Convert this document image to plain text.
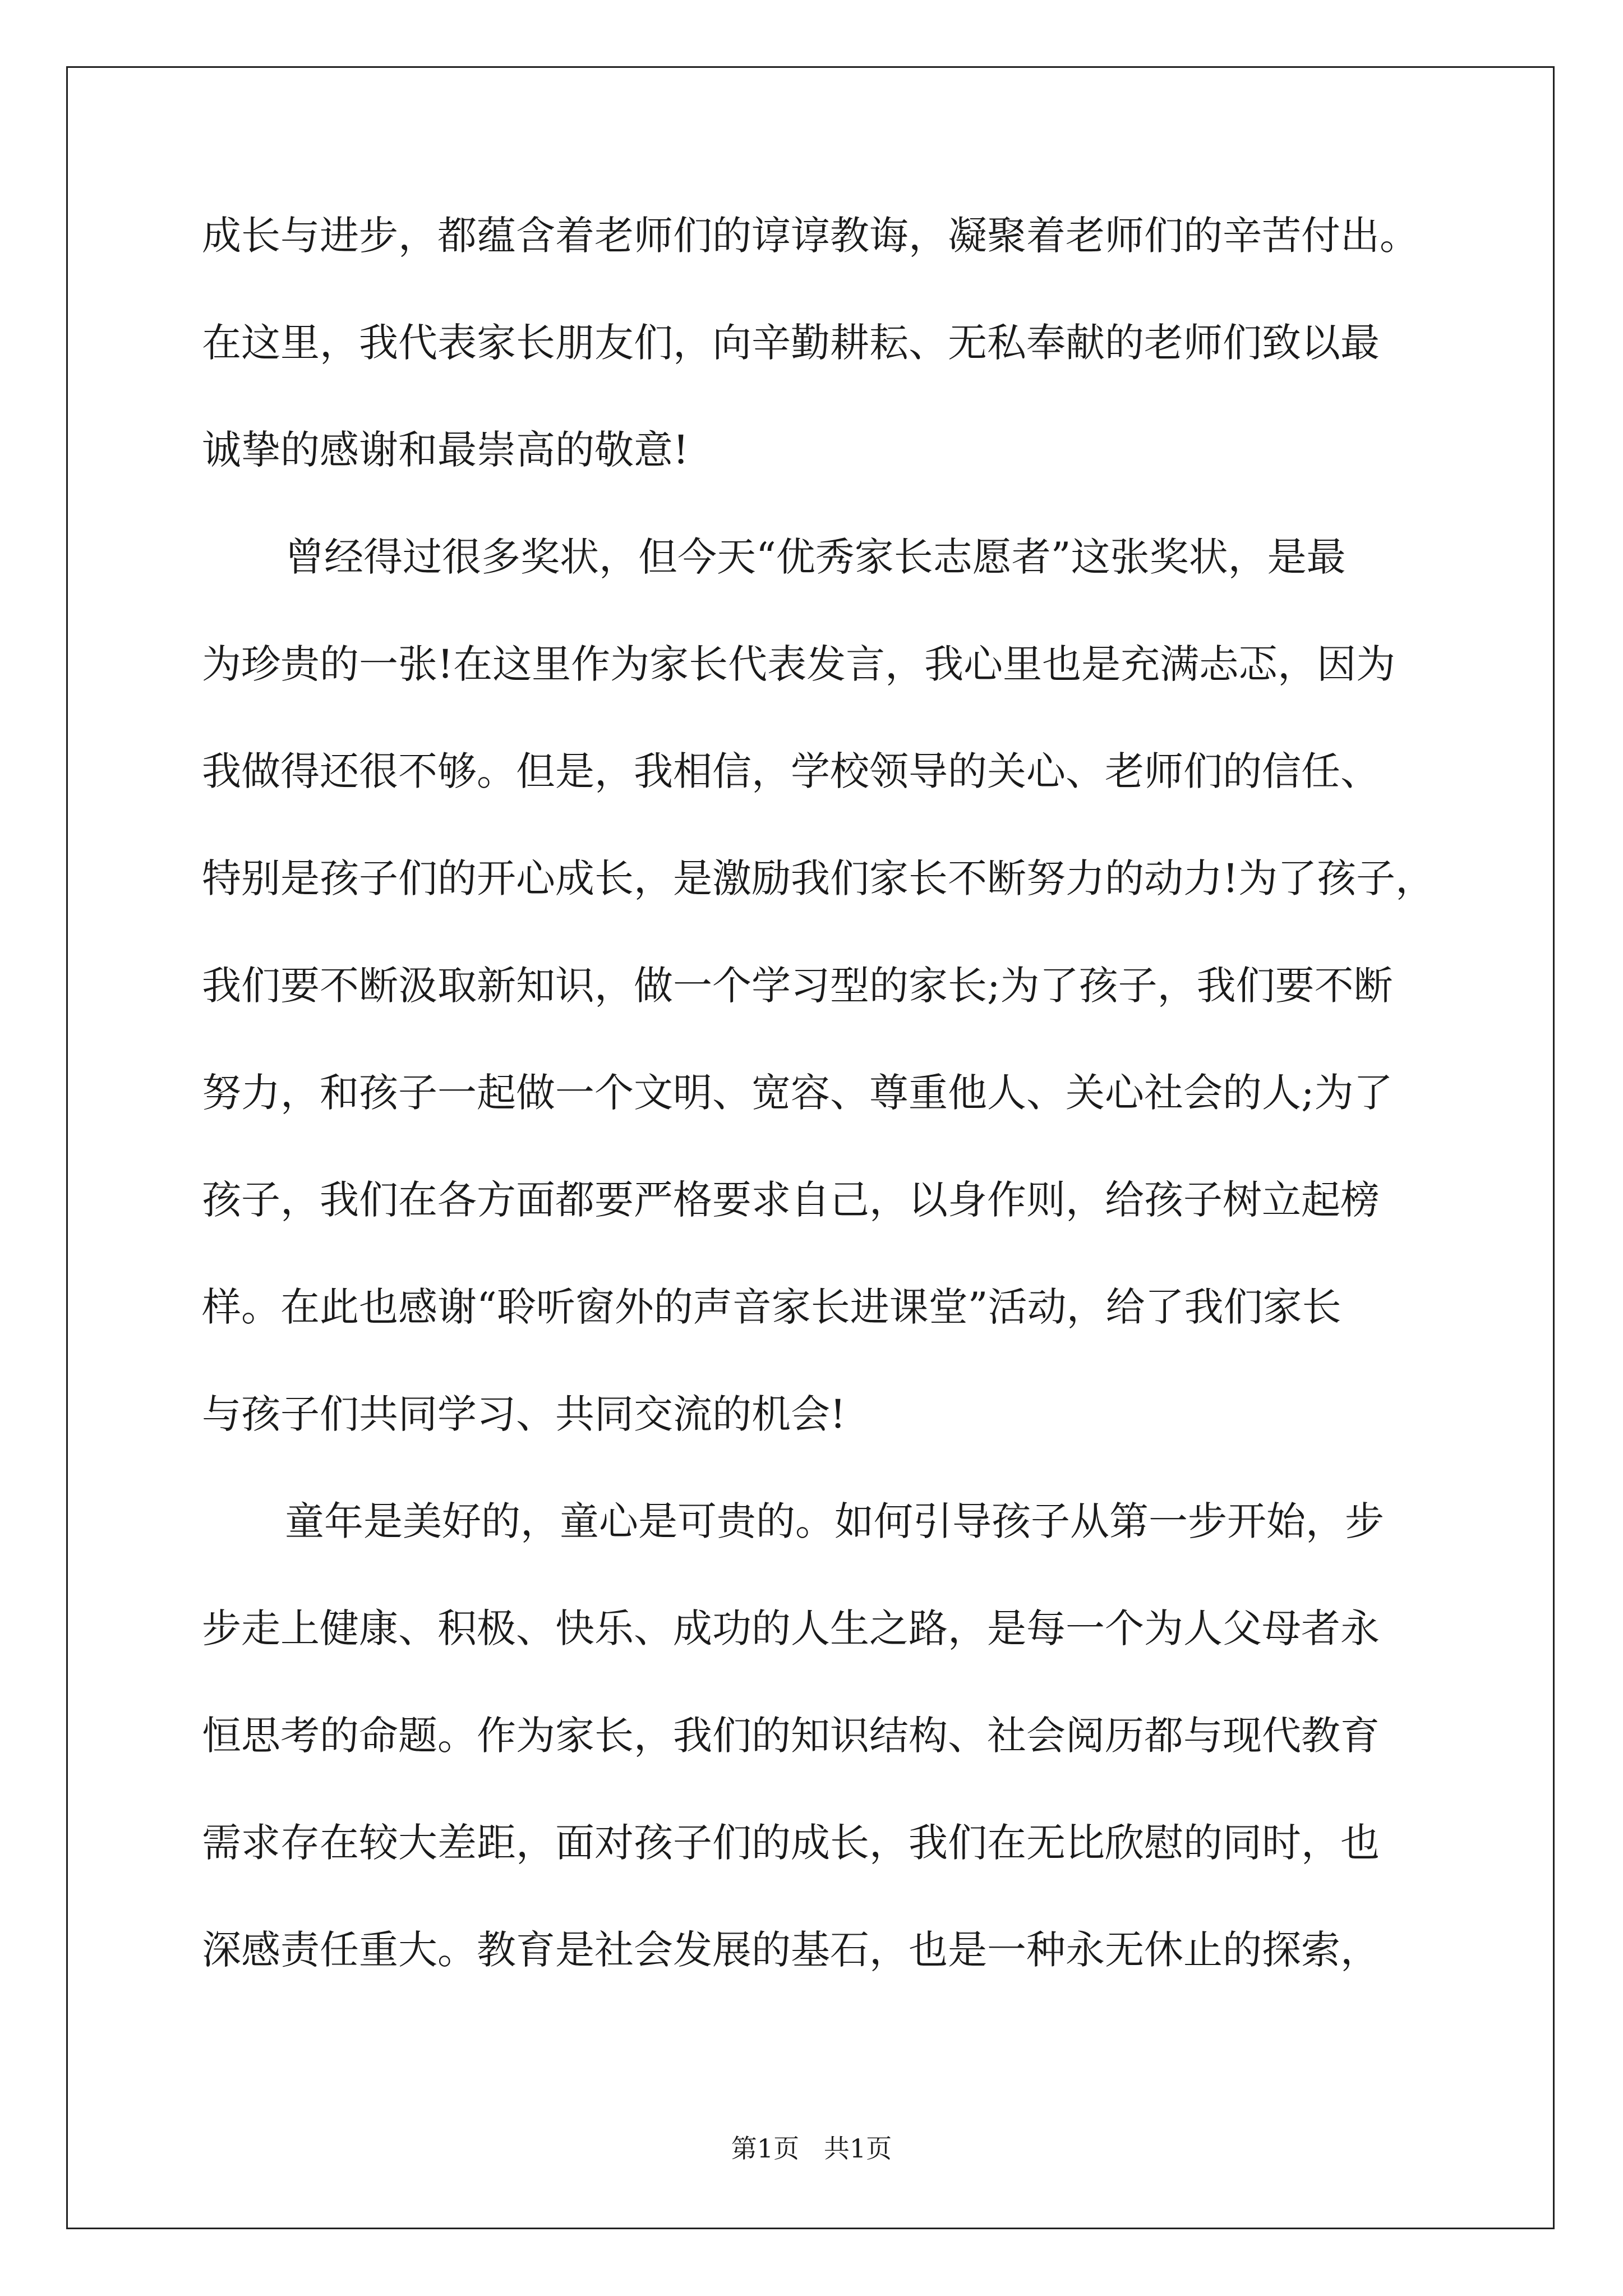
成长与进步，都蕴含着老师们的谆谆教诲，凝聚着老师们的辛苦付出。
在这里，我代表家长朋友们，向辛勤耕耘、无私奉献的老师们致以最
诚挚的感谢和最崇高的敬意!
曾经得过很多奖状，但今天“优秀家长志愿者”这张奖状，是最
为珍贵的一张!在这里作为家长代表发言，我心里也是充满忐忑，因为
我做得还很不够。但是，我相信，学校领导的关心、老师们的信任、
特别是孩子们的开心成长，是激励我们家长不断努力的动力!为了孩子，
我们要不断汲取新知识，做一个学习型的家长;为了孩子，我们要不断
努力，和孩子一起做一个文明、宽容、尊重他人、关心社会的人;为了
孩子，我们在各方面都要严格要求自己，以身作则，给孩子树立起榜
样。在此也感谢“聆听窗外的声音家长进课堂”活动，给了我们家长
与孩子们共同学习、共同交流的机会!
童年是美好的，童心是可贵的。如何引导孩子从第一步开始，步
步走上健康、积极、快乐、成功的人生之路，是每一个为人父母者永
恒思考的命题。作为家长，我们的知识结构、社会阅历都与现代教育
需求存在较大差距，面对孩子们的成长，我们在无比欣慰的同时，也
深感责任重大。教育是社会发展的基石，也是一种永无休止的探索，
第1页   共1页
